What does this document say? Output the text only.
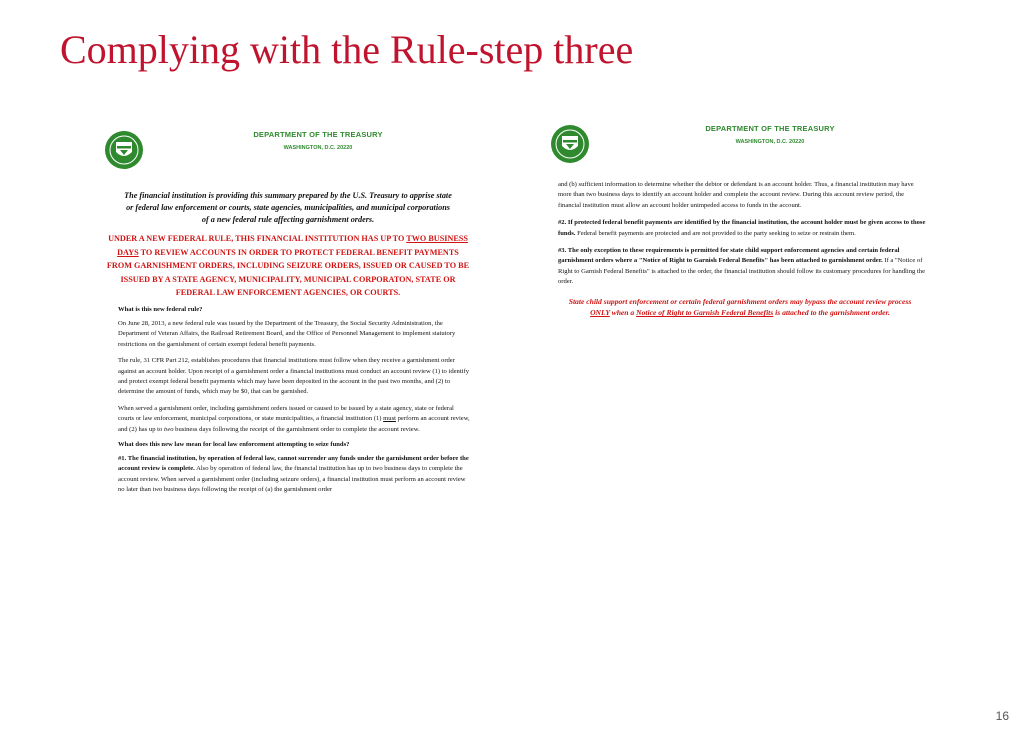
Complying with the Rule-step three
DEPARTMENT OF THE TREASURY
WASHINGTON, D.C. 20220
The financial institution is providing this summary prepared by the U.S. Treasury to apprise state or federal law enforcement or courts, state agencies, municipalities, and municipal corporations of a new federal rule affecting garnishment orders.
UNDER A NEW FEDERAL RULE, THIS FINANCIAL INSTITUTION HAS UP TO TWO BUSINESS DAYS TO REVIEW ACCOUNTS IN ORDER TO PROTECT FEDERAL BENEFIT PAYMENTS FROM GARNISHMENT ORDERS, INCLUDING SEIZURE ORDERS, ISSUED OR CAUSED TO BE ISSUED BY A STATE AGENCY, MUNICIPALITY, MUNICIPAL CORPORATON, STATE OR FEDERAL LAW ENFORCEMENT AGENCIES, OR COURTS.
What is this new federal rule?
On June 28, 2013, a new federal rule was issued by the Department of the Treasury, the Social Security Administration, the Department of Veteran Affairs, the Railroad Retirement Board, and the Office of Personnel Management to implement statutory restrictions on the garnishment of certain exempt federal benefit payments.
The rule, 31 CFR Part 212, establishes procedures that financial institutions must follow when they receive a garnishment order against an account holder. Upon receipt of a garnishment order a financial institutions must conduct an account review (1) to identify and protect exempt federal benefit payments which may have been deposited in the account in the past two months, and (2) to determine the amount of funds, which may be $0, that can be garnished.
When served a garnishment order, including garnishment orders issued or caused to be issued by a state agency, state or federal courts or law enforcement, municipal corporations, or state municipalities, a financial institution (1) must perform an account review, and (2) has up to two business days following the receipt of the garnishment order to complete the account review.
What does this new law mean for local law enforcement attempting to seize funds?
#1. The financial institution, by operation of federal law, cannot surrender any funds under the garnishment order before the account review is complete. Also by operation of federal law, the financial institution has up to two business days to complete the account review. When served a garnishment order (including seizure orders), a financial institution must perform an account review no later than two business days following the receipt of (a) the garnishment order
DEPARTMENT OF THE TREASURY
WASHINGTON, D.C. 20220
and (b) sufficient information to determine whether the debtor or defendant is an account holder. Thus, a financial institution may have more than two business days to identify an account holder and complete the account review. During this account review period, the financial institution must allow an account holder unimpeded access to funds in the account.
#2. If protected federal benefit payments are identified by the financial institution, the account holder must be given access to those funds. Federal benefit payments are protected and are not provided to the party seeking to seize or restrain them.
#3. The only exception to these requirements is permitted for state child support enforcement agencies and certain federal garnishment orders where a "Notice of Right to Garnish Federal Benefits" has been attached to garnishment order. If a "Notice of Right to Garnish Federal Benefits" is attached to the order, the financial institution should follow its customary procedures for handling the order.
State child support enforcement or certain federal garnishment orders may bypass the account review process ONLY when a Notice of Right to Garnish Federal Benefits is attached to the garnishment order.
16
